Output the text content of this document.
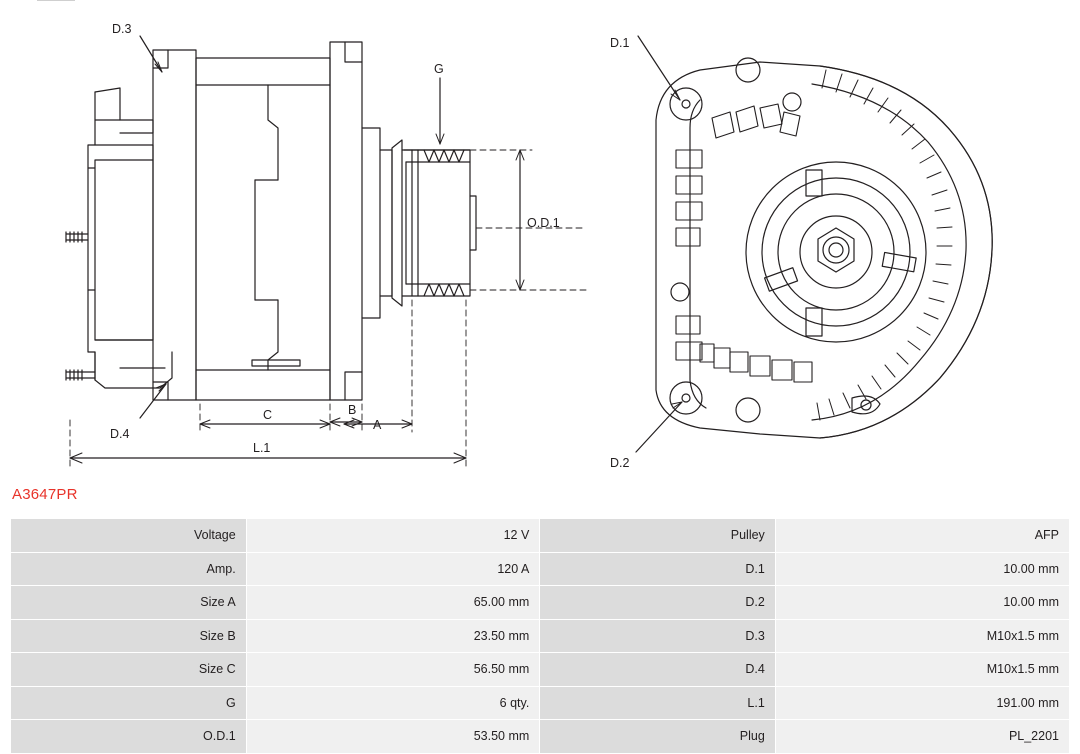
D.3
G
O.D.1
C	B
A
L.1
D.4
D.1
D.2
A3647PR
Voltage	12 V	Pulley	AFP
Amp.	120 A	D.1	10.00 mm
Size A	65.00 mm	D.2	10.00 mm
Size B	23.50 mm	D.3	M10x1.5 mm
Size C	56.50 mm	D.4	M10x1.5 mm
G	6 qty.	L.1	191.00 mm
O.D.1	53.50 mm	Plug	PL_2201
